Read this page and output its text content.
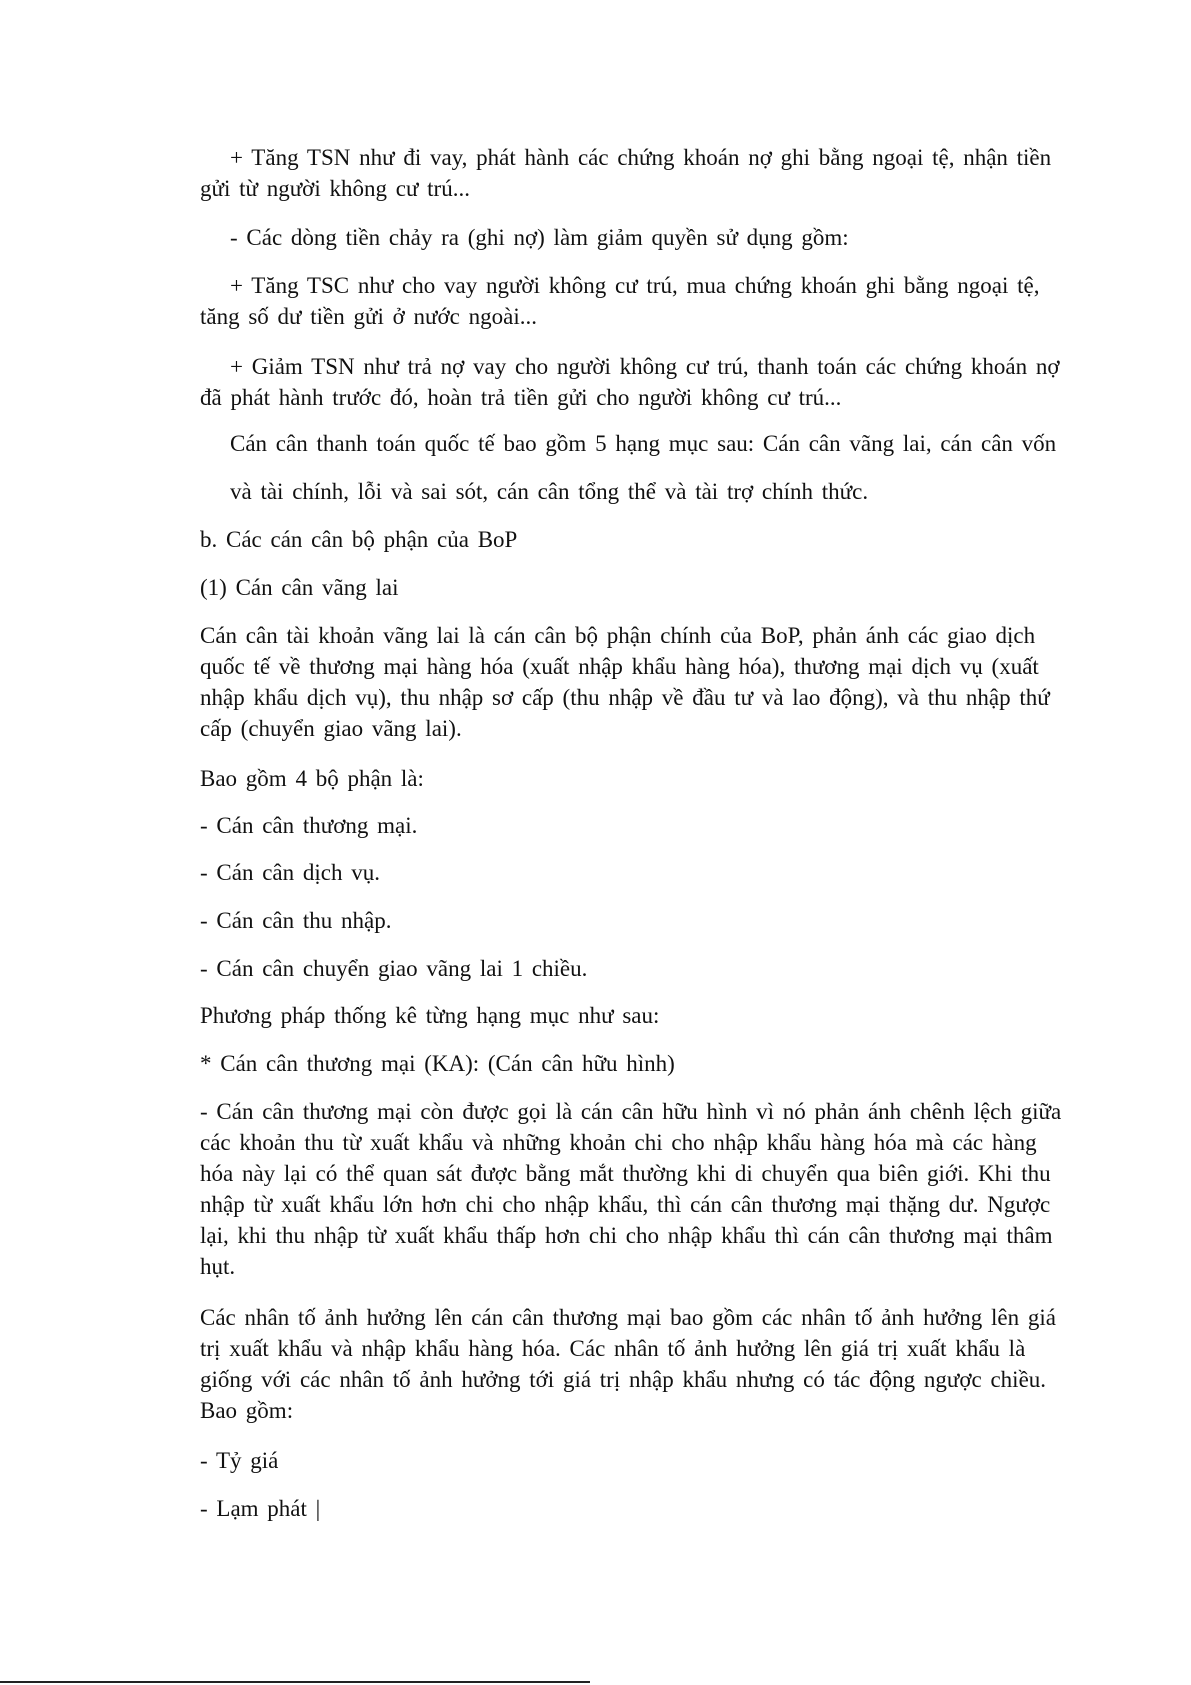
+ Tăng TSN như đi vay, phát hành các chứng khoán nợ ghi bằng ngoại tệ, nhận tiền
gửi từ người không cư trú...

- Các dòng tiền chảy ra (ghi nợ) làm giảm quyền sử dụng gồm:

+ Tăng TSC như cho vay người không cư trú, mua chứng khoán ghi bằng ngoại tệ,
tăng số dư tiền gửi ở nước ngoài...

+ Giảm TSN như trả nợ vay cho người không cư trú, thanh toán các chứng khoán nợ
đã phát hành trước đó, hoàn trả tiền gửi cho người không cư trú...

Cán cân thanh toán quốc tế bao gồm 5 hạng mục sau: Cán cân vãng lai, cán cân vốn

và tài chính, lỗi và sai sót, cán cân tổng thể và tài trợ chính thức.

b. Các cán cân bộ phận của BoP

(1) Cán cân vãng lai

Cán cân tài khoản vãng lai là cán cân bộ phận chính của BoP, phản ánh các giao dịch
quốc tế về thương mại hàng hóa (xuất nhập khẩu hàng hóa), thương mại dịch vụ (xuất
nhập khẩu dịch vụ), thu nhập sơ cấp (thu nhập về đầu tư và lao động), và thu nhập thứ
cấp (chuyển giao vãng lai).

Bao gồm 4 bộ phận là:

- Cán cân thương mại.

- Cán cân dịch vụ.

- Cán cân thu nhập.

- Cán cân chuyển giao vãng lai 1 chiều.

Phương pháp thống kê từng hạng mục như sau:

* Cán cân thương mại (KA): (Cán cân hữu hình)

- Cán cân thương mại còn được gọi là cán cân hữu hình vì nó phản ánh chênh lệch giữa
các khoản thu từ xuất khẩu và những khoản chi cho nhập khẩu hàng hóa mà các hàng
hóa này lại có thể quan sát được bằng mắt thường khi di chuyển qua biên giới. Khi thu
nhập từ xuất khẩu lớn hơn chi cho nhập khẩu, thì cán cân thương mại thặng dư. Ngược
lại, khi thu nhập từ xuất khẩu thấp hơn chi cho nhập khẩu thì cán cân thương mại thâm
hụt.

Các nhân tố ảnh hưởng lên cán cân thương mại bao gồm các nhân tố ảnh hưởng lên giá
trị xuất khẩu và nhập khẩu hàng hóa. Các nhân tố ảnh hưởng lên giá trị xuất khẩu là
giống với các nhân tố ảnh hưởng tới giá trị nhập khẩu nhưng có tác động ngược chiều.
Bao gồm:

- Tỷ giá

- Lạm phát |
